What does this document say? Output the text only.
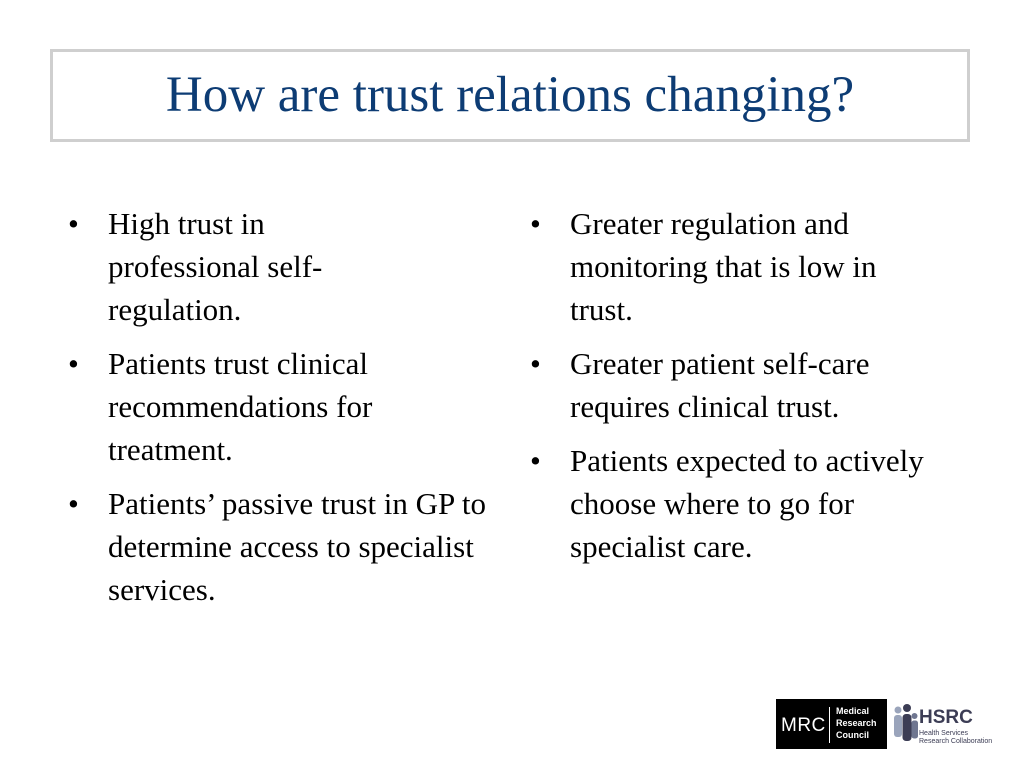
How are trust relations changing?
• High trust in professional self-regulation.
• Patients trust clinical recommendations for treatment.
• Patients’ passive trust in GP to determine access to specialist services.
• Greater regulation and monitoring that is low in trust.
• Greater patient self-care requires clinical trust.
• Patients expected to actively choose where to go for specialist care.
MRC
Medical
Research
Council
HSRC
Health Services
Research Collaboration
